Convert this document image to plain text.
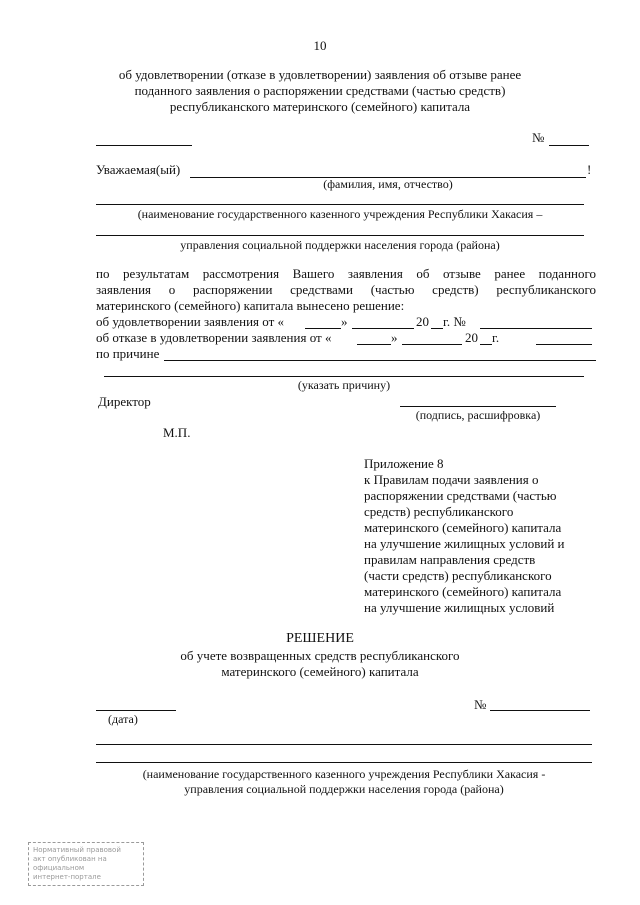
10
об удовлетворении (отказе в удовлетворении) заявления об отзыве ранее
поданного заявления о распоряжении средствами (частью средств)
республиканского материнского (семейного) капитала
№
Уважаемая(ый)	!
(фамилия, имя, отчество)
(наименование государственного казенного учреждения Республики Хакасия –
управления социальной поддержки населения города (района)
по результатам рассмотрения Вашего заявления об отзыве ранее поданного
заявления о распоряжении средствами (частью средств) республиканского
материнского (семейного) капитала вынесено решение:
об удовлетворении заявления от «	»	20 г. №
об отказе в удовлетворении заявления от «	»	20 г.
по причине
(указать причину)
Директор
(подпись, расшифровка)
М.П.
Приложение 8
к Правилам подачи заявления о
распоряжении средствами (частью
средств) республиканского
материнского (семейного) капитала
на улучшение жилищных условий и
правилам направления средств
(части средств) республиканского
материнского (семейного) капитала
на улучшение жилищных условий
РЕШЕНИЕ
об учете возвращенных средств республиканского
материнского (семейного) капитала
(дата)
№
(наименование государственного казенного учреждения Республики Хакасия -
управления социальной поддержки населения города (района)
Нормативный правовой
акт опубликован на официальном
интернет-портале
